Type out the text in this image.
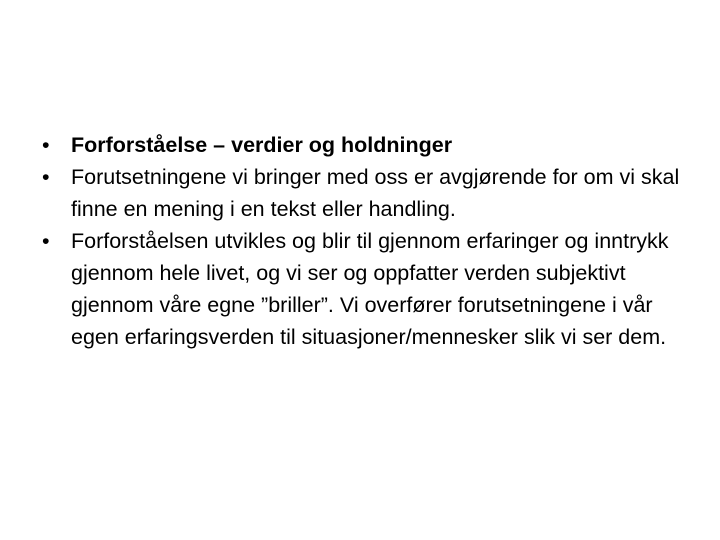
• Forforståelse – verdier og holdninger
• Forutsetningene vi bringer med oss er avgjørende for om vi skal finne en mening i en tekst eller handling.
• Forforståelsen utvikles og blir til gjennom erfaringer og inntrykk gjennom hele livet, og vi ser og oppfatter verden subjektivt gjennom våre egne ”briller”. Vi overfører forutsetningene i vår egen erfaringsverden til situasjoner/mennesker slik vi ser dem.
